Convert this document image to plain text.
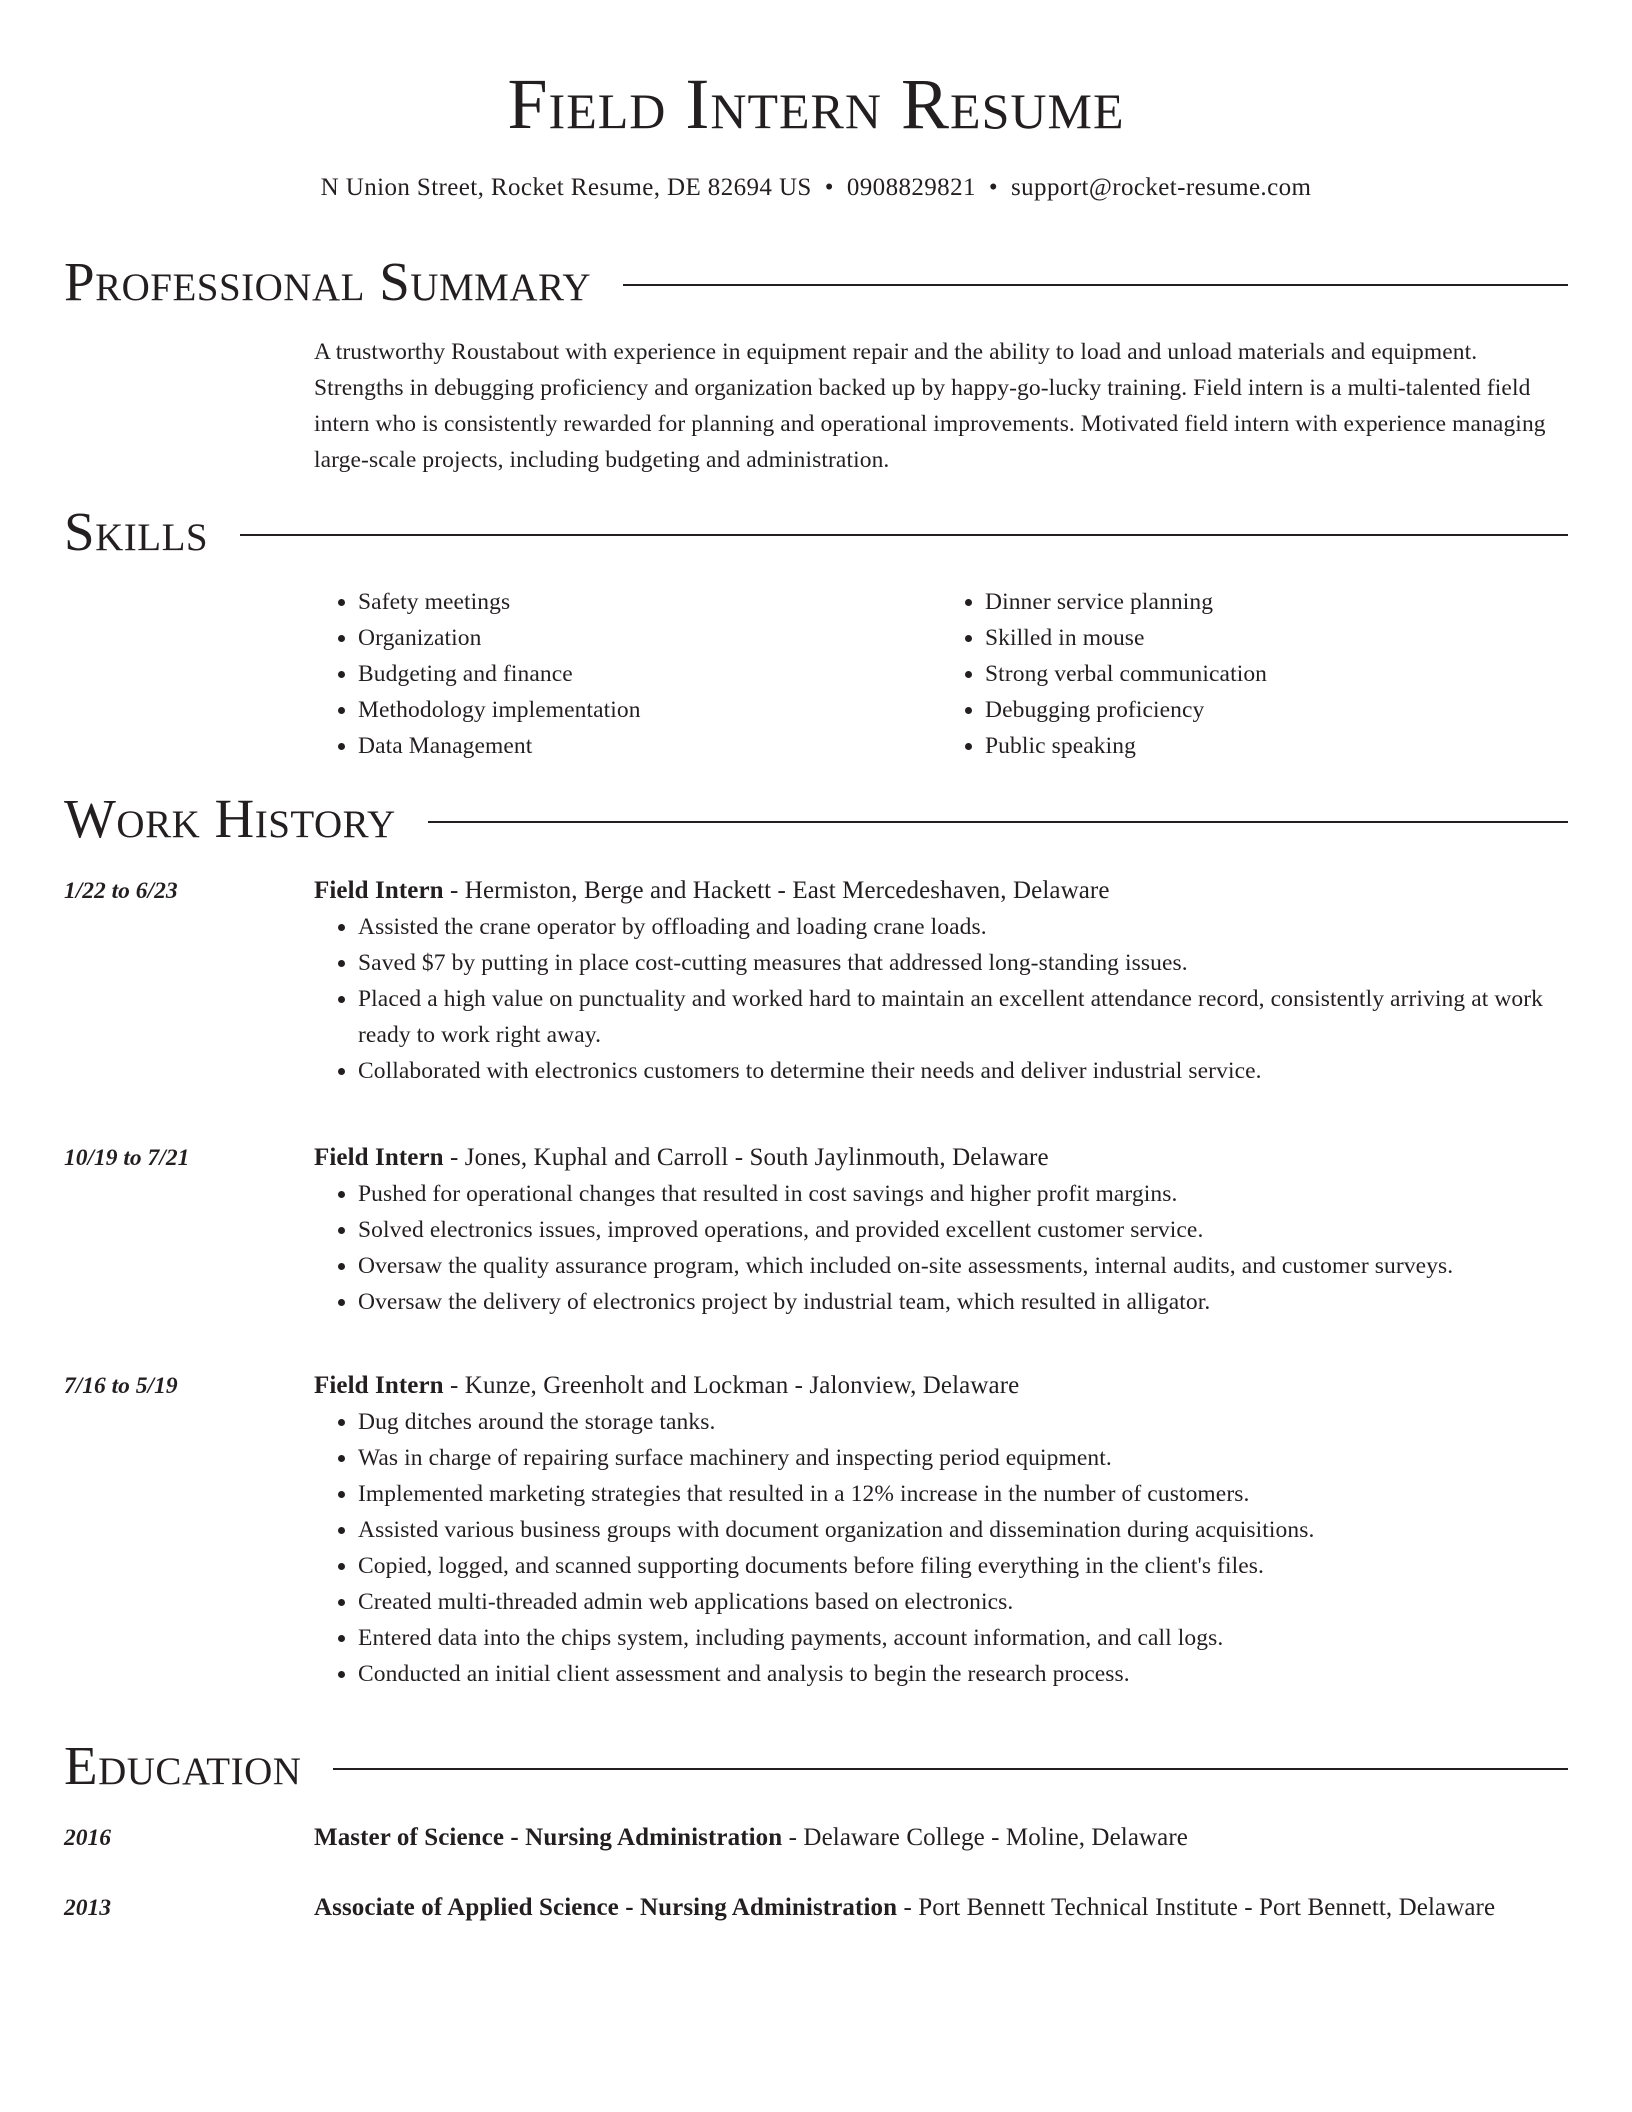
Field Intern Resume
N Union Street, Rocket Resume, DE 82694 US • 0908829821 • support@rocket-resume.com
Professional Summary

A trustworthy Roustabout with experience in equipment repair and the ability to load and unload materials and equipment. Strengths in debugging proficiency and organization backed up by happy-go-lucky training. Field intern is a multi-talented field intern who is consistently rewarded for planning and operational improvements. Motivated field intern with experience managing large-scale projects, including budgeting and administration.

Skills
• Safety meetings
• Organization
• Budgeting and finance
• Methodology implementation
• Data Management
• Dinner service planning
• Skilled in mouse
• Strong verbal communication
• Debugging proficiency
• Public speaking
Work History
1/22 to 6/23	Field Intern - Hermiston, Berge and Hackett - East Mercedeshaven, Delaware
• Assisted the crane operator by offloading and loading crane loads.
• Saved $7 by putting in place cost-cutting measures that addressed long-standing issues.
• Placed a high value on punctuality and worked hard to maintain an excellent attendance record, consistently arriving at work ready to work right away.
• Collaborated with electronics customers to determine their needs and deliver industrial service.
10/19 to 7/21	Field Intern - Jones, Kuphal and Carroll - South Jaylinmouth, Delaware
• Pushed for operational changes that resulted in cost savings and higher profit margins.
• Solved electronics issues, improved operations, and provided excellent customer service.
• Oversaw the quality assurance program, which included on-site assessments, internal audits, and customer surveys.
• Oversaw the delivery of electronics project by industrial team, which resulted in alligator.
7/16 to 5/19	Field Intern - Kunze, Greenholt and Lockman - Jalonview, Delaware
• Dug ditches around the storage tanks.
• Was in charge of repairing surface machinery and inspecting period equipment.
• Implemented marketing strategies that resulted in a 12% increase in the number of customers.
• Assisted various business groups with document organization and dissemination during acquisitions.
• Copied, logged, and scanned supporting documents before filing everything in the client's files.
• Created multi-threaded admin web applications based on electronics.
• Entered data into the chips system, including payments, account information, and call logs.
• Conducted an initial client assessment and analysis to begin the research process.
Education
2016	Master of Science - Nursing Administration - Delaware College - Moline, Delaware
2013	Associate of Applied Science - Nursing Administration - Port Bennett Technical Institute - Port Bennett, Delaware
